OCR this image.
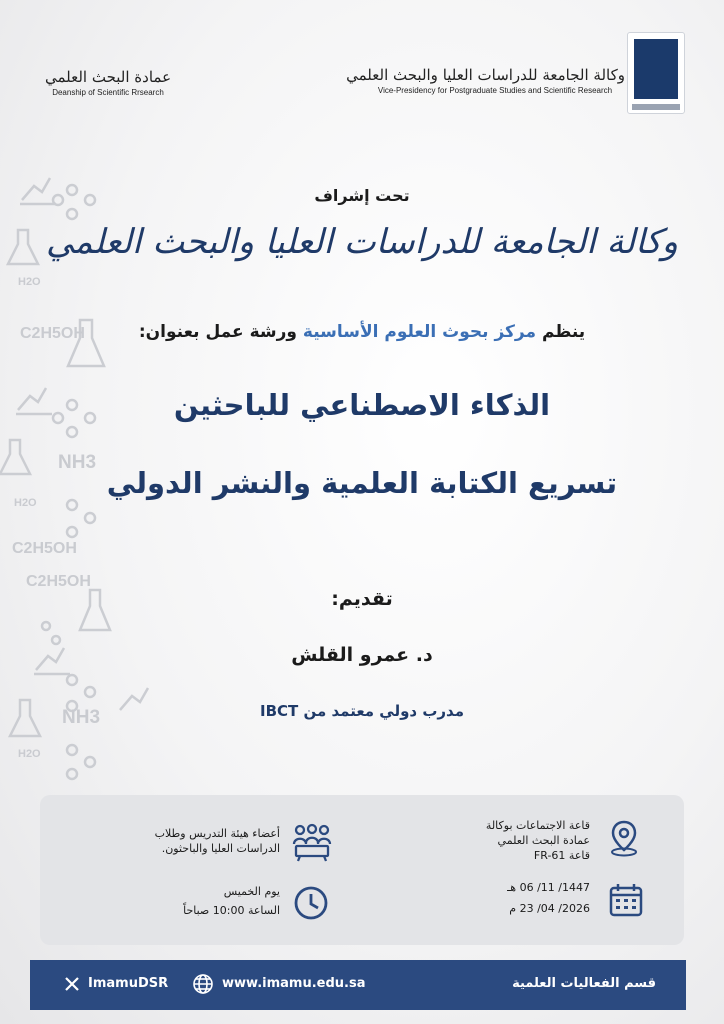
عمادة البحث العلمي
Deanship of Scientific Rrsearch
وكالة الجامعة للدراسات العليا والبحث العلمي
Vice-Presidency for Postgraduate Studies and Scientific Research
H2O
C2H5OH
NH3
H2O
C2H5OH
C2H5OH
NH3
H2O
تحت إشراف
وكالة الجامعة للدراسات العليا والبحث العلمي
ينظم مركز بحوث العلوم الأساسية ورشة عمل بعنوان:
الذكاء الاصطناعي للباحثين
تسريع الكتابة العلمية والنشر الدولي
تقديم:
د. عمرو القلش
مدرب دولي معتمد من IBCT
قاعة الاجتماعات بوكالة
عمادة البحث العلمي
قاعة FR-61
1447/ 11/ 06 هـ
2026/ 04/ 23 م
أعضاء هيئة التدريس وطلاب
الدراسات العليا والباحثون.
يوم الخميس
الساعة 10:00 صباحاً
ImamuDSR	www.imamu.edu.sa	قسم الفعاليات العلمية
